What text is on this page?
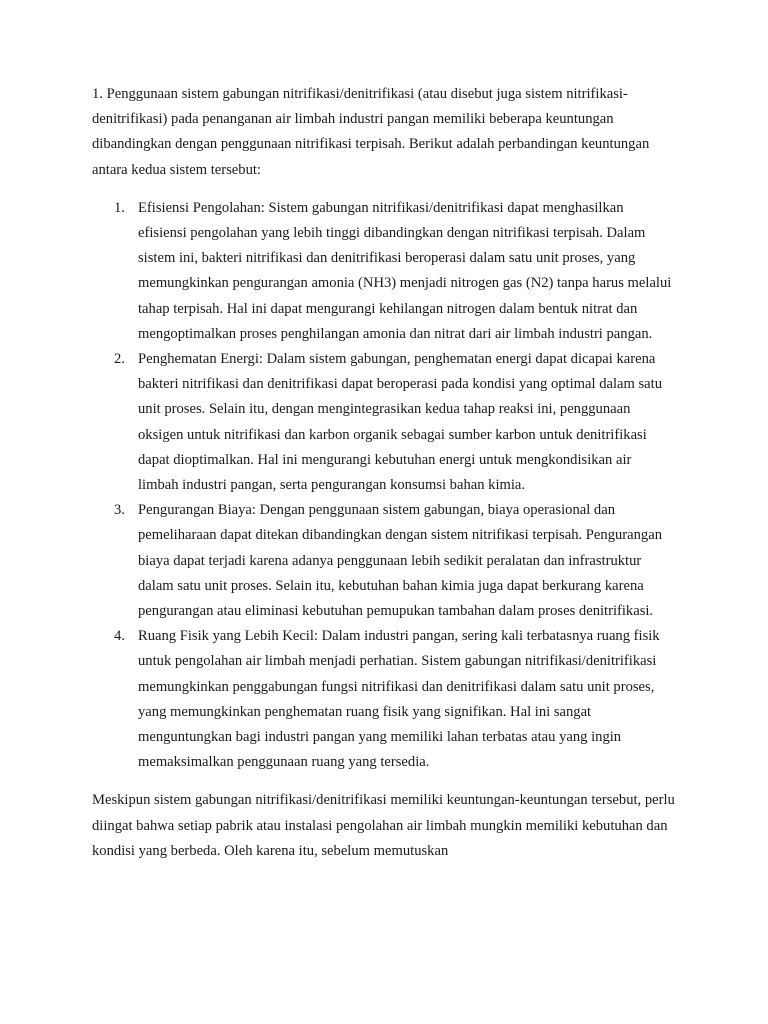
1. Penggunaan sistem gabungan nitrifikasi/denitrifikasi (atau disebut juga sistem nitrifikasi-denitrifikasi) pada penanganan air limbah industri pangan memiliki beberapa keuntungan dibandingkan dengan penggunaan nitrifikasi terpisah. Berikut adalah perbandingan keuntungan antara kedua sistem tersebut:

1. Efisiensi Pengolahan: Sistem gabungan nitrifikasi/denitrifikasi dapat menghasilkan efisiensi pengolahan yang lebih tinggi dibandingkan dengan nitrifikasi terpisah. Dalam sistem ini, bakteri nitrifikasi dan denitrifikasi beroperasi dalam satu unit proses, yang memungkinkan pengurangan amonia (NH3) menjadi nitrogen gas (N2) tanpa harus melalui tahap terpisah. Hal ini dapat mengurangi kehilangan nitrogen dalam bentuk nitrat dan mengoptimalkan proses penghilangan amonia dan nitrat dari air limbah industri pangan.
2. Penghematan Energi: Dalam sistem gabungan, penghematan energi dapat dicapai karena bakteri nitrifikasi dan denitrifikasi dapat beroperasi pada kondisi yang optimal dalam satu unit proses. Selain itu, dengan mengintegrasikan kedua tahap reaksi ini, penggunaan oksigen untuk nitrifikasi dan karbon organik sebagai sumber karbon untuk denitrifikasi dapat dioptimalkan. Hal ini mengurangi kebutuhan energi untuk mengkondisikan air limbah industri pangan, serta pengurangan konsumsi bahan kimia.
3. Pengurangan Biaya: Dengan penggunaan sistem gabungan, biaya operasional dan pemeliharaan dapat ditekan dibandingkan dengan sistem nitrifikasi terpisah. Pengurangan biaya dapat terjadi karena adanya penggunaan lebih sedikit peralatan dan infrastruktur dalam satu unit proses. Selain itu, kebutuhan bahan kimia juga dapat berkurang karena pengurangan atau eliminasi kebutuhan pemupukan tambahan dalam proses denitrifikasi.
4. Ruang Fisik yang Lebih Kecil: Dalam industri pangan, sering kali terbatasnya ruang fisik untuk pengolahan air limbah menjadi perhatian. Sistem gabungan nitrifikasi/denitrifikasi memungkinkan penggabungan fungsi nitrifikasi dan denitrifikasi dalam satu unit proses, yang memungkinkan penghematan ruang fisik yang signifikan. Hal ini sangat menguntungkan bagi industri pangan yang memiliki lahan terbatas atau yang ingin memaksimalkan penggunaan ruang yang tersedia.

Meskipun sistem gabungan nitrifikasi/denitrifikasi memiliki keuntungan-keuntungan tersebut, perlu diingat bahwa setiap pabrik atau instalasi pengolahan air limbah mungkin memiliki kebutuhan dan kondisi yang berbeda. Oleh karena itu, sebelum memutuskan
